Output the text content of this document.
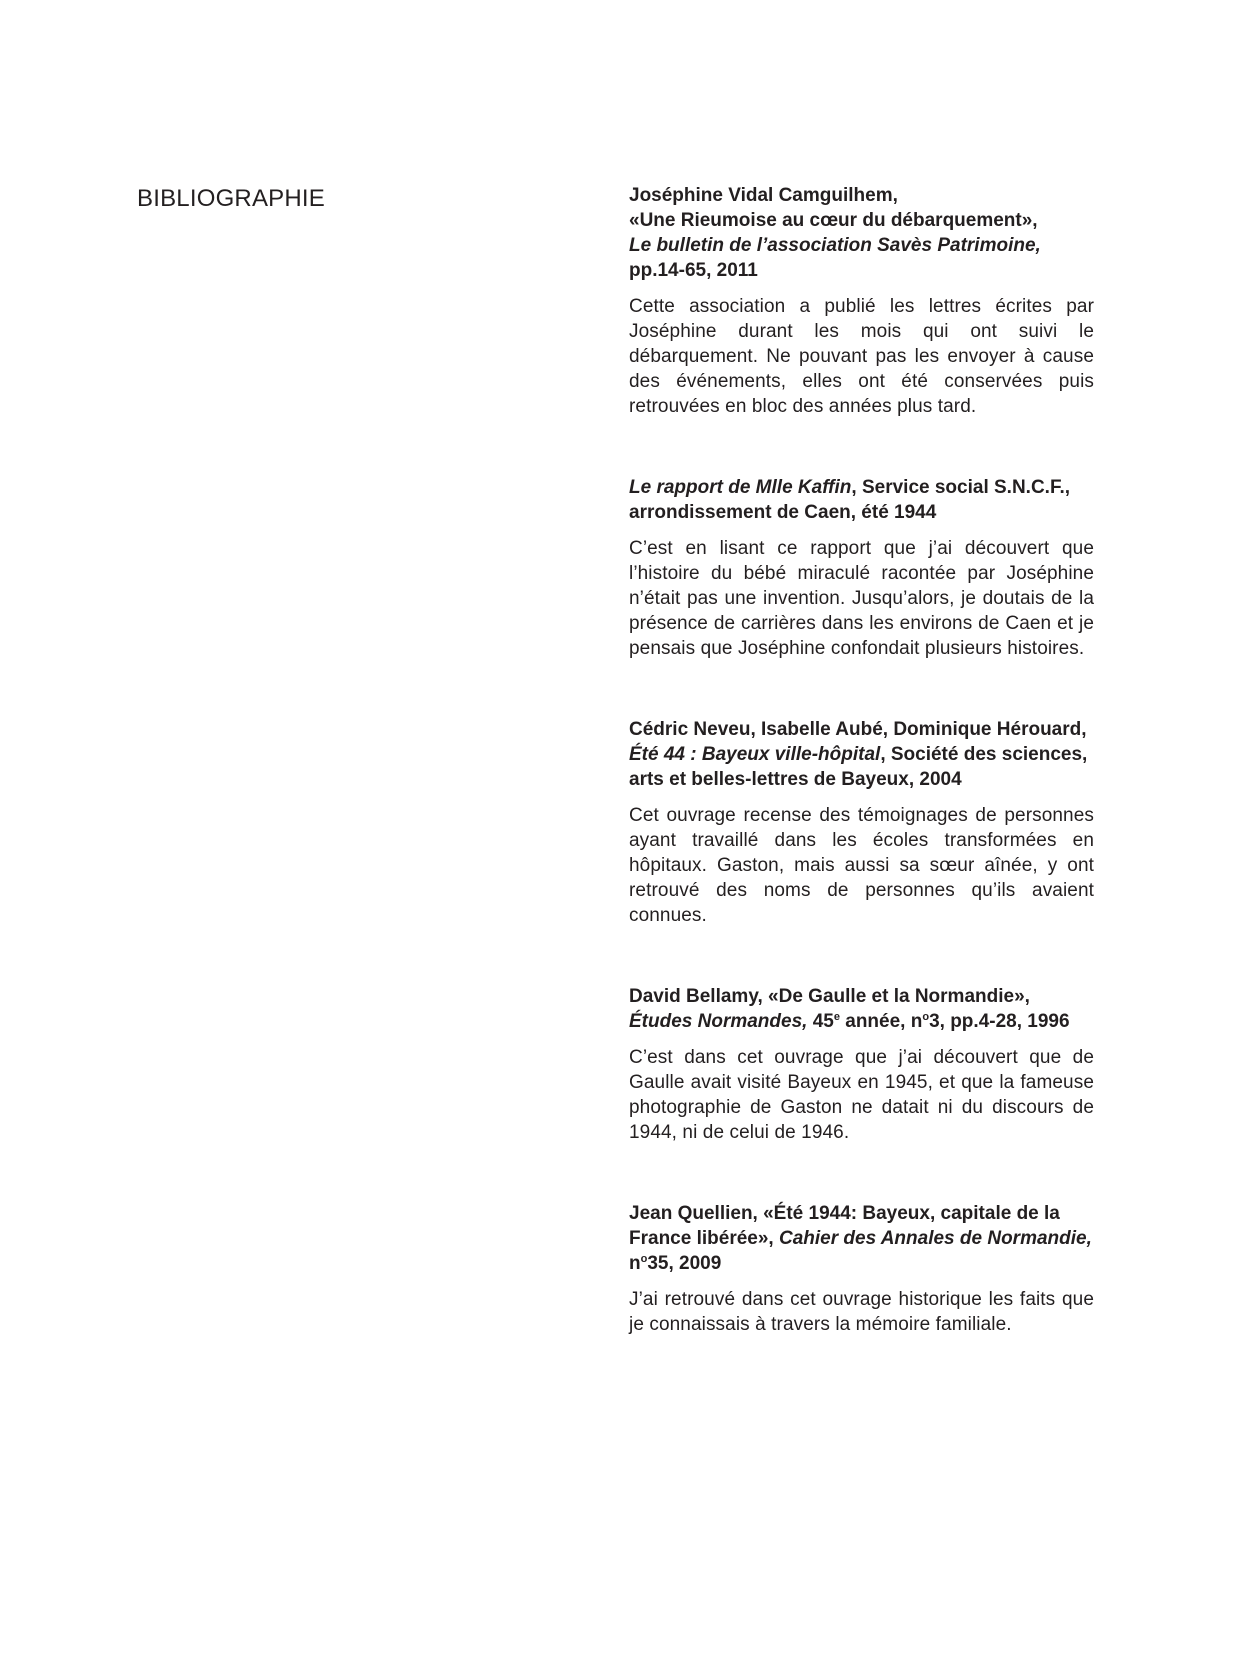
BIBLIOGRAPHIE	Joséphine Vidal Camguilhem,
«Une Rieumoise au cœur du débarquement»,
Le bulletin de l’association Savès Patrimoine,
pp.14-65, 2011

Cette association a publié les lettres écrites par Joséphine durant les mois qui ont suivi le débarquement. Ne pouvant pas les envoyer à cause des événements, elles ont été conservées puis retrouvées en bloc des années plus tard.

Le rapport de Mlle Kaffin, Service social S.N.C.F.,
arrondissement de Caen, été 1944

C’est en lisant ce rapport que j’ai découvert que l’histoire du bébé miraculé racontée par Joséphine n’était pas une invention. Jusqu’alors, je doutais de la présence de carrières dans les environs de Caen et je pensais que Joséphine confondait plusieurs histoires.

Cédric Neveu, Isabelle Aubé, Dominique Hérouard,
Été 44 : Bayeux ville-hôpital, Société des sciences,
arts et belles-lettres de Bayeux, 2004

Cet ouvrage recense des témoignages de personnes ayant travaillé dans les écoles transformées en hôpitaux. Gaston, mais aussi sa sœur aînée, y ont retrouvé des noms de personnes qu’ils avaient connues.

David Bellamy, «De Gaulle et la Normandie»,
Études Normandes, 45e année, $n^o3$, pp.4-28, 1996

C’est dans cet ouvrage que j’ai découvert que de Gaulle avait visité Bayeux en 1945, et que la fameuse photographie de Gaston ne datait ni du discours de 1944, ni de celui de 1946.

Jean Quellien, «Été 1944: Bayeux, capitale de la
France libérée», Cahier des Annales de Normandie,
$n^o35$, 2009

J’ai retrouvé dans cet ouvrage historique les faits que je connaissais à travers la mémoire familiale.
